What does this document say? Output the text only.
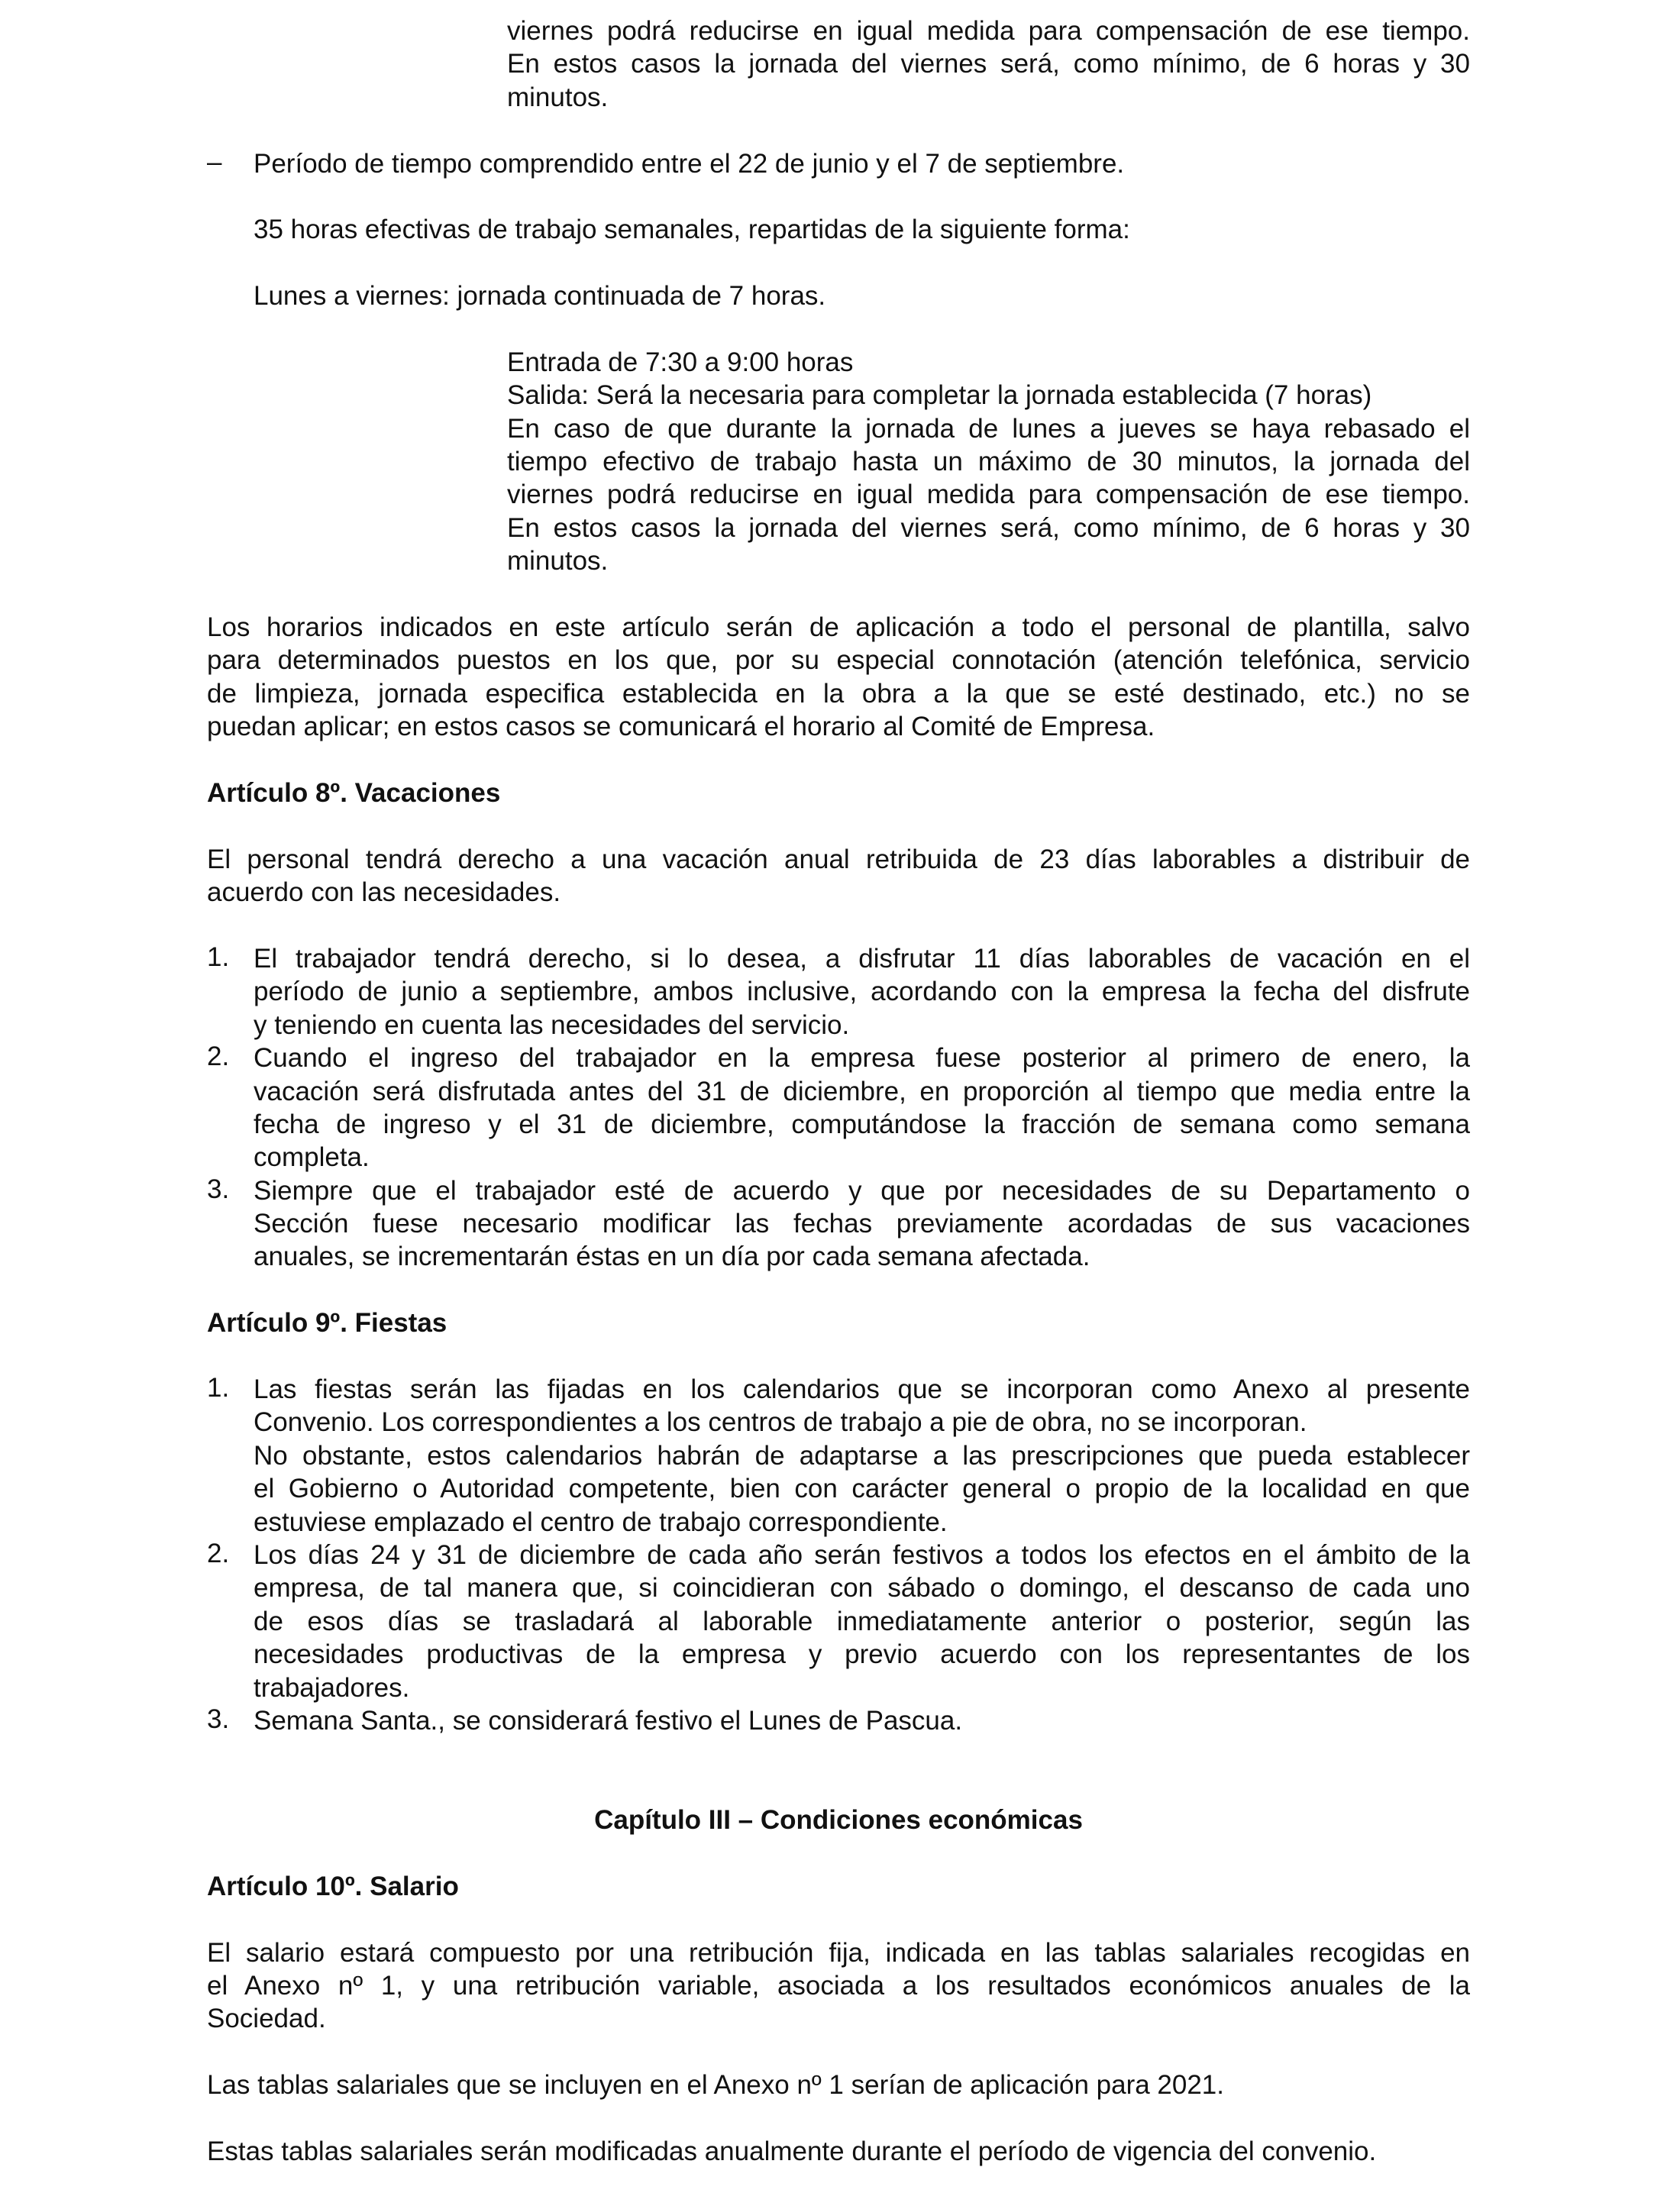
viernes podrá reducirse en igual medida para compensación de ese tiempo.
En estos casos la jornada del viernes será, como mínimo, de 6 horas y 30
minutos.
– Período de tiempo comprendido entre el 22 de junio y el 7 de septiembre.
35 horas efectivas de trabajo semanales, repartidas de la siguiente forma:
Lunes a viernes: jornada continuada de 7 horas.
Entrada de 7:30 a 9:00 horas
Salida: Será la necesaria para completar la jornada establecida (7 horas)
En caso de que durante la jornada de lunes a jueves se haya rebasado el
tiempo efectivo de trabajo hasta un máximo de 30 minutos, la jornada del
viernes podrá reducirse en igual medida para compensación de ese tiempo.
En estos casos la jornada del viernes será, como mínimo, de 6 horas y 30
minutos.
Los horarios indicados en este artículo serán de aplicación a todo el personal de plantilla, salvo
para determinados puestos en los que, por su especial connotación (atención telefónica, servicio
de limpieza, jornada especifica establecida en la obra a la que se esté destinado, etc.) no se
puedan aplicar; en estos casos se comunicará el horario al Comité de Empresa.
Artículo 8º. Vacaciones
El personal tendrá derecho a una vacación anual retribuida de 23 días laborables a distribuir de
acuerdo con las necesidades.
1. El trabajador tendrá derecho, si lo desea, a disfrutar 11 días laborables de vacación en el
período de junio a septiembre, ambos inclusive, acordando con la empresa la fecha del disfrute
y teniendo en cuenta las necesidades del servicio.
2. Cuando el ingreso del trabajador en la empresa fuese posterior al primero de enero, la
vacación será disfrutada antes del 31 de diciembre, en proporción al tiempo que media entre la
fecha de ingreso y el 31 de diciembre, computándose la fracción de semana como semana
completa.
3. Siempre que el trabajador esté de acuerdo y que por necesidades de su Departamento o
Sección fuese necesario modificar las fechas previamente acordadas de sus vacaciones
anuales, se incrementarán éstas en un día por cada semana afectada.
Artículo 9º. Fiestas
1. Las fiestas serán las fijadas en los calendarios que se incorporan como Anexo al presente
Convenio. Los correspondientes a los centros de trabajo a pie de obra, no se incorporan.
No obstante, estos calendarios habrán de adaptarse a las prescripciones que pueda establecer
el Gobierno o Autoridad competente, bien con carácter general o propio de la localidad en que
estuviese emplazado el centro de trabajo correspondiente.
2. Los días 24 y 31 de diciembre de cada año serán festivos a todos los efectos en el ámbito de la
empresa, de tal manera que, si coincidieran con sábado o domingo, el descanso de cada uno
de esos días se trasladará al laborable inmediatamente anterior o posterior, según las
necesidades productivas de la empresa y previo acuerdo con los representantes de los
trabajadores.
3. Semana Santa., se considerará festivo el Lunes de Pascua.
Capítulo III – Condiciones económicas
Artículo 10º. Salario
El salario estará compuesto por una retribución fija, indicada en las tablas salariales recogidas en
el Anexo nº 1, y una retribución variable, asociada a los resultados económicos anuales de la
Sociedad.
Las tablas salariales que se incluyen en el Anexo nº 1 serían de aplicación para 2021.
Estas tablas salariales serán modificadas anualmente durante el período de vigencia del convenio.
